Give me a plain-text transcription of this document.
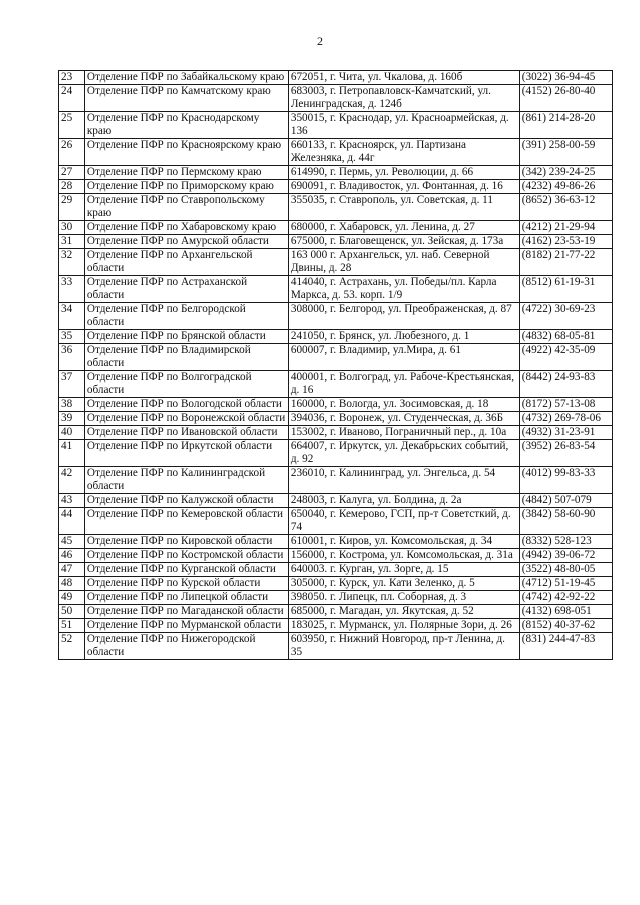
2
23	Отделение ПФР по Забайкальскому краю	672051, г. Чита, ул. Чкалова, д. 160б	(3022) 36-94-45
24	Отделение ПФР по Камчатскому краю	683003, г. Петропавловск-Камчатский, ул. Ленинградская, д. 124б	(4152) 26-80-40
25	Отделение ПФР по Краснодарскому краю	350015, г. Краснодар, ул. Красноармейская, д. 136	(861) 214-28-20
26	Отделение ПФР по Красноярскому краю	660133, г. Красноярск, ул. Партизана Железняка, д. 44г	(391) 258-00-59
27	Отделение ПФР по Пермскому краю	614990, г. Пермь, ул. Революции, д. 66	(342) 239-24-25
28	Отделение ПФР по Приморскому краю	690091, г. Владивосток, ул. Фонтанная, д. 16	(4232) 49-86-26
29	Отделение ПФР по Ставропольскому краю	355035, г. Ставрополь, ул. Советская, д. 11	(8652) 36-63-12
30	Отделение ПФР по Хабаровскому краю	680000, г. Хабаровск, ул. Ленина, д. 27	(4212) 21-29-94
31	Отделение ПФР по Амурской области	675000, г. Благовещенск, ул. Зейская, д. 173а	(4162) 23-53-19
32	Отделение ПФР по Архангельской области	163 000 г. Архангельск, ул. наб. Северной Двины, д. 28	(8182) 21-77-22
33	Отделение ПФР по Астраханской области	414040, г. Астрахань, ул. Победы/пл. Карла Маркса, д. 53. корп. 1/9	(8512) 61-19-31
34	Отделение ПФР по Белгородской области	308000, г. Белгород, ул. Преображенская, д. 87	(4722) 30-69-23
35	Отделение ПФР по Брянской области	241050, г. Брянск, ул. Любезного, д. 1	(4832) 68-05-81
36	Отделение ПФР по Владимирской области	600007, г. Владимир, ул.Мира, д. 61	(4922) 42-35-09
37	Отделение ПФР по Волгоградской области	400001, г. Волгоград, ул. Рабоче-Крестьянская, д. 16	(8442) 24-93-83
38	Отделение ПФР по Вологодской области	160000, г. Вологда, ул. Зосимовская, д. 18	(8172) 57-13-08
39	Отделение ПФР по Воронежской области	394036, г. Воронеж, ул. Студенческая, д. 36Б	(4732) 269-78-06
40	Отделение ПФР по Ивановской области	153002, г. Иваново, Пограничный пер., д. 10а	(4932) 31-23-91
41	Отделение ПФР по Иркутской области	664007, г. Иркутск, ул. Декабрьских событий, д. 92	(3952) 26-83-54
42	Отделение ПФР по Калининградской области	236010, г. Калининград, ул. Энгельса, д. 54	(4012) 99-83-33
43	Отделение ПФР по Калужской области	248003, г. Калуга, ул. Болдина, д. 2а	(4842) 507-079
44	Отделение ПФР по Кемеровской области	650040, г. Кемерово, ГСП, пр-т Советсткий, д. 74	(3842) 58-60-90
45	Отделение ПФР по Кировской области	610001, г. Киров, ул. Комсомольская, д. 34	(8332) 528-123
46	Отделение ПФР по Костромской области	156000, г. Кострома, ул. Комсомольская, д. 31а	(4942) 39-06-72
47	Отделение ПФР по Курганской области	640003. г. Курган, ул. Зорге, д. 15	(3522) 48-80-05
48	Отделение ПФР по Курской области	305000, г. Курск, ул. Кати Зеленко, д. 5	(4712) 51-19-45
49	Отделение ПФР по Липецкой области	398050. г. Липецк, пл. Соборная, д. 3	(4742) 42-92-22
50	Отделение ПФР по Магаданской области	685000, г. Магадан, ул. Якутская, д. 52	(4132) 698-051
51	Отделение ПФР по Мурманской области	183025, г. Мурманск, ул. Полярные Зори, д. 26	(8152) 40-37-62
52	Отделение ПФР по Нижегородской области	603950, г. Нижний Новгород, пр-т Ленина, д. 35	(831) 244-47-83
